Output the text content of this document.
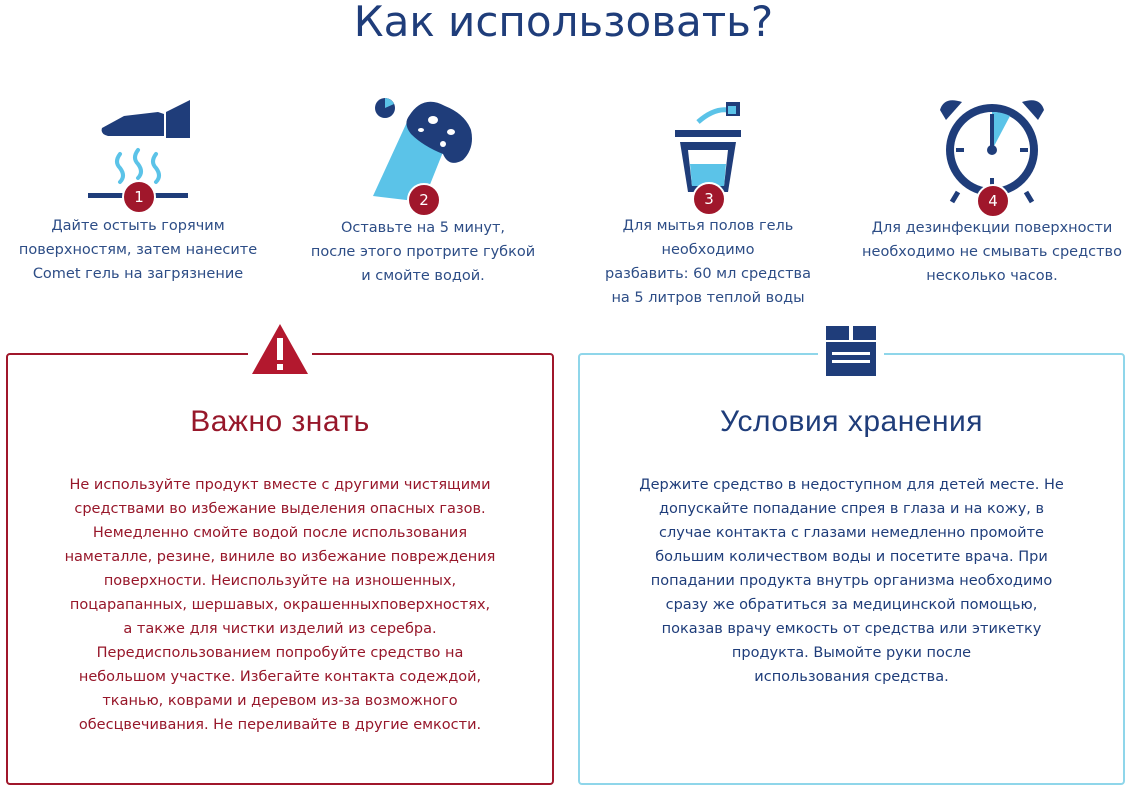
Как использовать?
1
Дайте остыть горячим
поверхностям, затем нанесите
Comet гель на загрязнение
2
Оставьте на 5 минут,
после этого протрите губкой
и смойте водой.
3
Для мытья полов гель необходимо
разбавить: 60 мл средства
на 5 литров теплой воды
4
Для дезинфекции поверхности
необходимо не смывать средство
несколько часов.
Важно знать
Не используйте продукт вместе с другими чистящими
средствами во избежание выделения опасных газов.
Немедленно смойте водой после использования
наметалле, резине, виниле во избежание повреждения
поверхности. Неиспользуйте на изношенных,
поцарапанных, шершавых, окрашенныхповерхностях,
а также для чистки изделий из серебра.
Передиспользованием попробуйте средство на
небольшом участке. Избегайте контакта содеждой,
тканью, коврами и деревом из-за возможного
обесцвечивания. Не переливайте в другие емкости.
Условия хранения
Держите средство в недоступном для детей месте. Не
допускайте попадание спрея в глаза и на кожу, в
случае контакта с глазами немедленно промойте
большим количеством воды и посетите врача. При
попадании продукта внутрь организма необходимо
сразу же обратиться за медицинской помощью,
показав врачу емкость от средства или этикетку
продукта. Вымойте руки после
использования средства.
